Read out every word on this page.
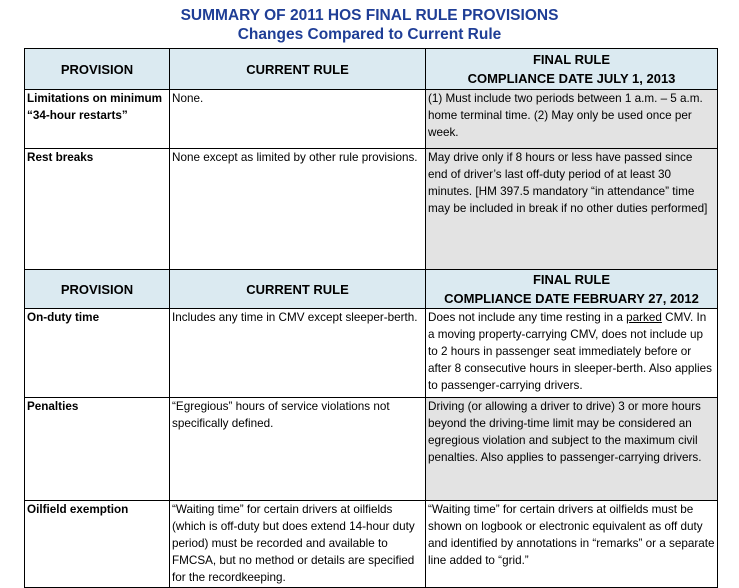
SUMMARY OF 2011 HOS FINAL RULE PROVISIONS
Changes Compared to Current Rule
PROVISION	CURRENT RULE	FINAL RULE
COMPLIANCE DATE JULY 1, 2013

Limitations on minimum “34-hour restarts”	None.	(1) Must include two periods between 1 a.m. – 5 a.m. home terminal time. (2) May only be used once per week.
Rest breaks	None except as limited by other rule provisions.	May drive only if 8 hours or less have passed since end of driver’s last off-duty period of at least 30 minutes. [HM 397.5 mandatory “in attendance” time may be included in break if no other duties performed]
PROVISION	CURRENT RULE	FINAL RULE
COMPLIANCE DATE FEBRUARY 27, 2012

On-duty time	Includes any time in CMV except sleeper-berth.	Does not include any time resting in a parked CMV. In a moving property-carrying CMV, does not include up to 2 hours in passenger seat immediately before or after 8 consecutive hours in sleeper-berth. Also applies to passenger-carrying drivers.
Penalties	“Egregious” hours of service violations not specifically defined.	Driving (or allowing a driver to drive) 3 or more hours beyond the driving-time limit may be considered an egregious violation and subject to the maximum civil penalties. Also applies to passenger-carrying drivers.
Oilfield exemption	“Waiting time” for certain drivers at oilfields (which is off-duty but does extend 14-hour duty period) must be recorded and available to FMCSA, but no method or details are specified for the recordkeeping.	“Waiting time” for certain drivers at oilfields must be shown on logbook or electronic equivalent as off duty and identified by annotations in “remarks” or a separate line added to “grid.”
